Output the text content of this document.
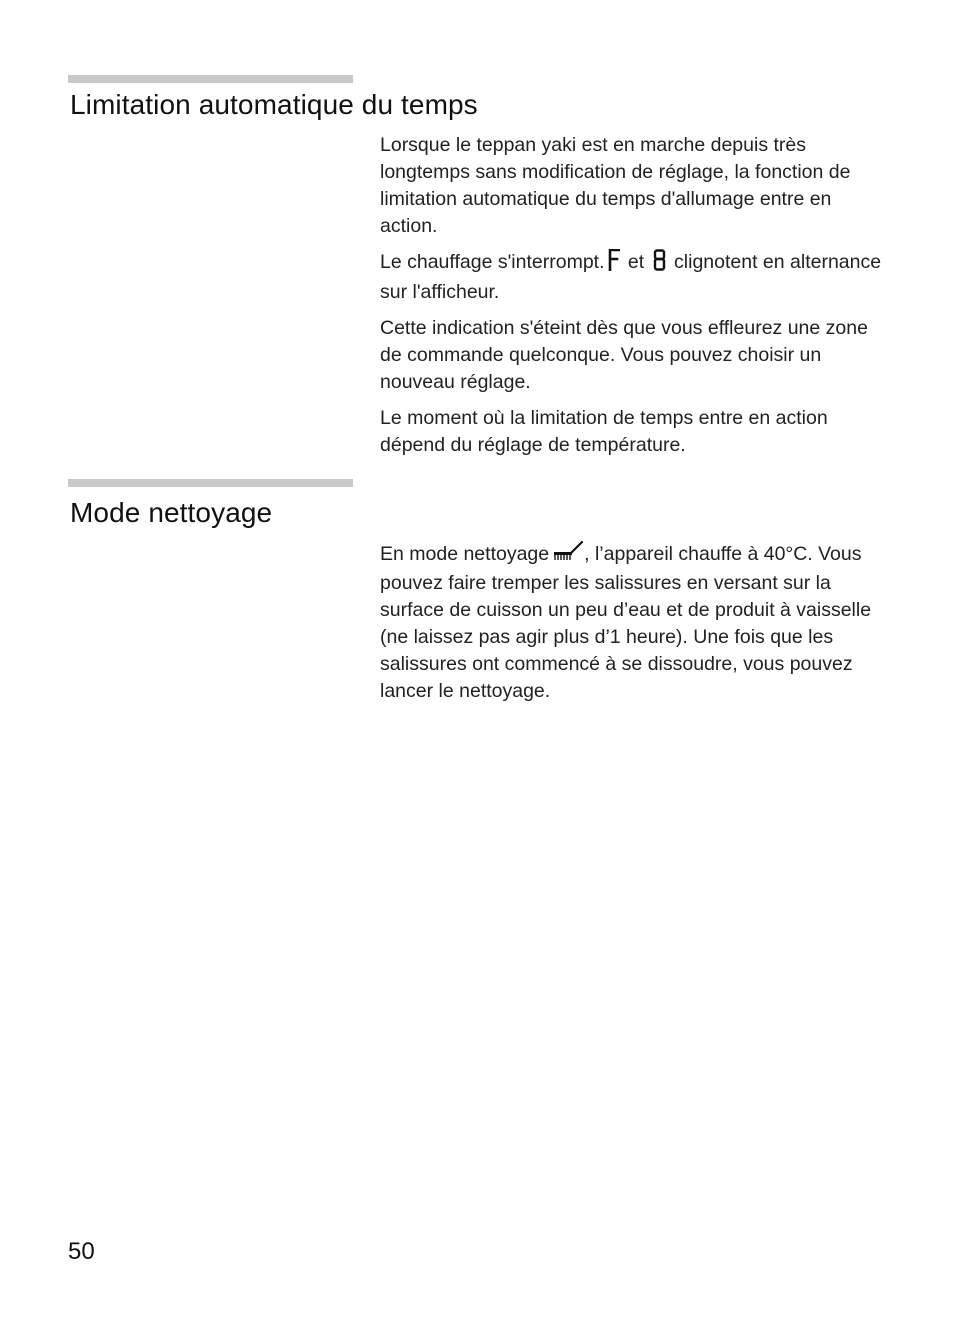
Limitation automatique du temps

Lorsque le teppan yaki est en marche depuis très longtemps sans modification de réglage, la fonction de limitation automatique du temps d'allumage entre en action.

Le chauffage s'interrompt.
et
clignotent en alternance sur l'afficheur.

Cette indication s'éteint dès que vous effleurez une zone de commande quelconque. Vous pouvez choisir un nouveau réglage.

Le moment où la limitation de temps entre en action dépend du réglage de température.

Mode nettoyage

En mode nettoyage , l’appareil chauffe à 40°C. Vous pouvez faire tremper les salissures en versant sur la surface de cuisson un peu d’eau et de produit à vaisselle (ne laissez pas agir plus d’1 heure). Une fois que les salissures ont commencé à se dissoudre, vous pouvez lancer le nettoyage.

50
